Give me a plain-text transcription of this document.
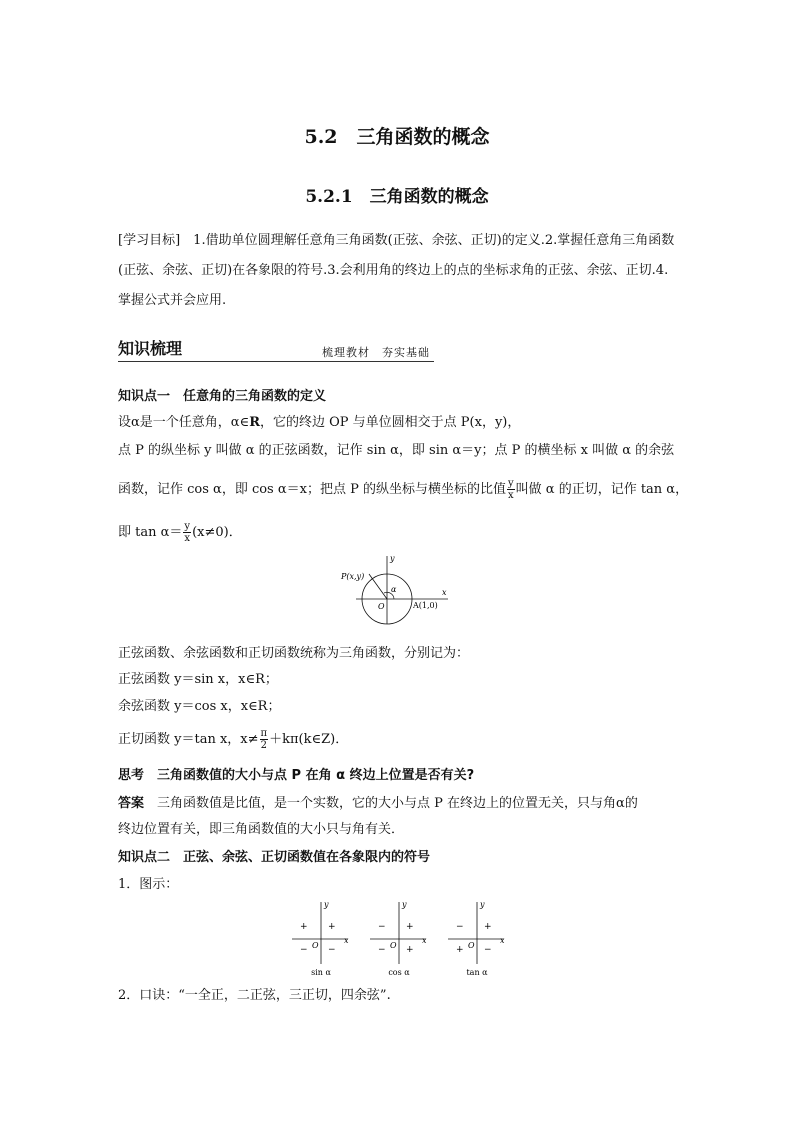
5.2　三角函数的概念
5.2.1　三角函数的概念
[学习目标]　 1.借助单位圆理解任意角三角函数(正弦、余弦、正切)的定义.2.掌握任意角三角函数(正弦、余弦、正切)在各象限的符号.3.会利用角的终边上的点的坐标求角的正弦、余弦、正切.4.掌握公式并会应用.
知识梳理	梳理教材　夯实基础
知识点一　任意角的三角函数的定义
设α是一个任意角，α∈R，它的终边 OP 与单位圆相交于点 P(x，y)，
点 P 的纵坐标 y 叫做 α 的正弦函数，记作 sin α，即 sin α＝y；点 P 的横坐标 x 叫做 α 的余弦
函数，记作 cos α，即 cos α＝x；把点 P 的纵坐标与横坐标的比值 $\frac{y}{x}$ 叫做 α 的正切，记作 tan α，
即 $\tan \alpha= \frac{y}{x} (x\ne 0)$．
P(x,y)
α
O	A(1,0)
x
y
正弦函数、余弦函数和正切函数统称为三角函数，分别记为：
正弦函数 y＝sin x，x∈R；
余弦函数 y＝cos x，x∈R；
正切函数 y＝tan x，$x\ne \frac{\pi}{2}$ ＋kπ(k∈Z)．
思考　 三角函数值的大小与点 P 在角 α 终边上位置是否有关?
答案　 三角函数值是比值，是一个实数，它的大小与点 P 在终边上的位置无关，只与角α的
终边位置有关，即三角函数值的大小只与角有关．
知识点二　正弦、余弦、正切函数值在各象限内的符号
1．图示：
x
y
O
+
+
− −
sin α
x
y
O
+
−
− +
cos α
x
y
O
+
−
+ −
tan α
2．口诀：“一全正，二正弦，三正切，四余弦”.
